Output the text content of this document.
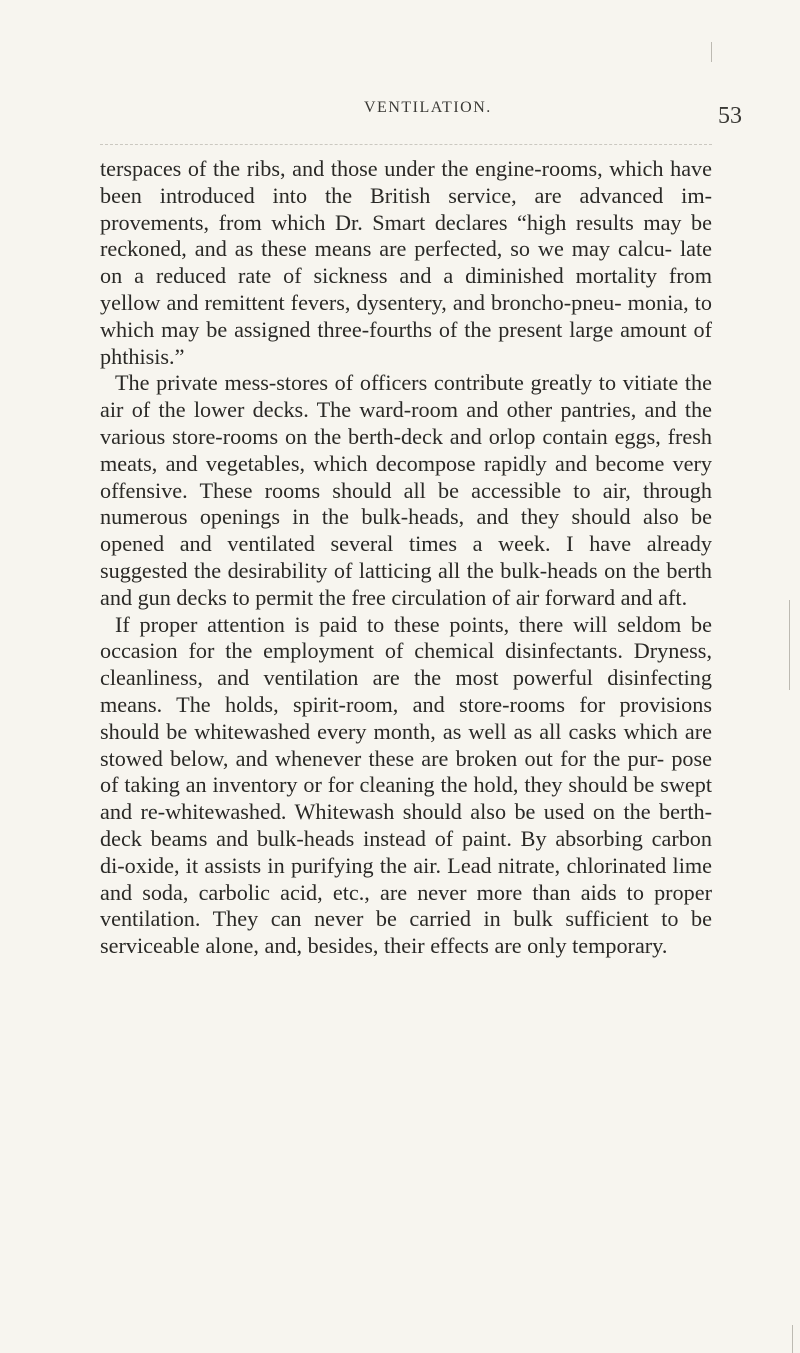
VENTILATION.	53

terspaces of the ribs, and those under the engine-rooms, which have been introduced into the British service, are advanced im- provements, from which Dr. Smart declares “high results may be reckoned, and as these means are perfected, so we may calcu- late on a reduced rate of sickness and a diminished mortality from yellow and remittent fevers, dysentery, and broncho-pneu- monia, to which may be assigned three-fourths of the present large amount of phthisis.”

The private mess-stores of officers contribute greatly to vitiate the air of the lower decks. The ward-room and other pantries, and the various store-rooms on the berth-deck and orlop contain eggs, fresh meats, and vegetables, which decompose rapidly and become very offensive. These rooms should all be accessible to air, through numerous openings in the bulk-heads, and they should also be opened and ventilated several times a week. I have already suggested the desirability of latticing all the bulk-heads on the berth and gun decks to permit the free circulation of air forward and aft.

If proper attention is paid to these points, there will seldom be occasion for the employment of chemical disinfectants. Dryness, cleanliness, and ventilation are the most powerful disinfecting means. The holds, spirit-room, and store-rooms for provisions should be whitewashed every month, as well as all casks which are stowed below, and whenever these are broken out for the pur- pose of taking an inventory or for cleaning the hold, they should be swept and re-whitewashed. Whitewash should also be used on the berth-deck beams and bulk-heads instead of paint. By absorbing carbon di-oxide, it assists in purifying the air. Lead nitrate, chlorinated lime and soda, carbolic acid, etc., are never more than aids to proper ventilation. They can never be carried in bulk sufficient to be serviceable alone, and, besides, their effects are only temporary.
